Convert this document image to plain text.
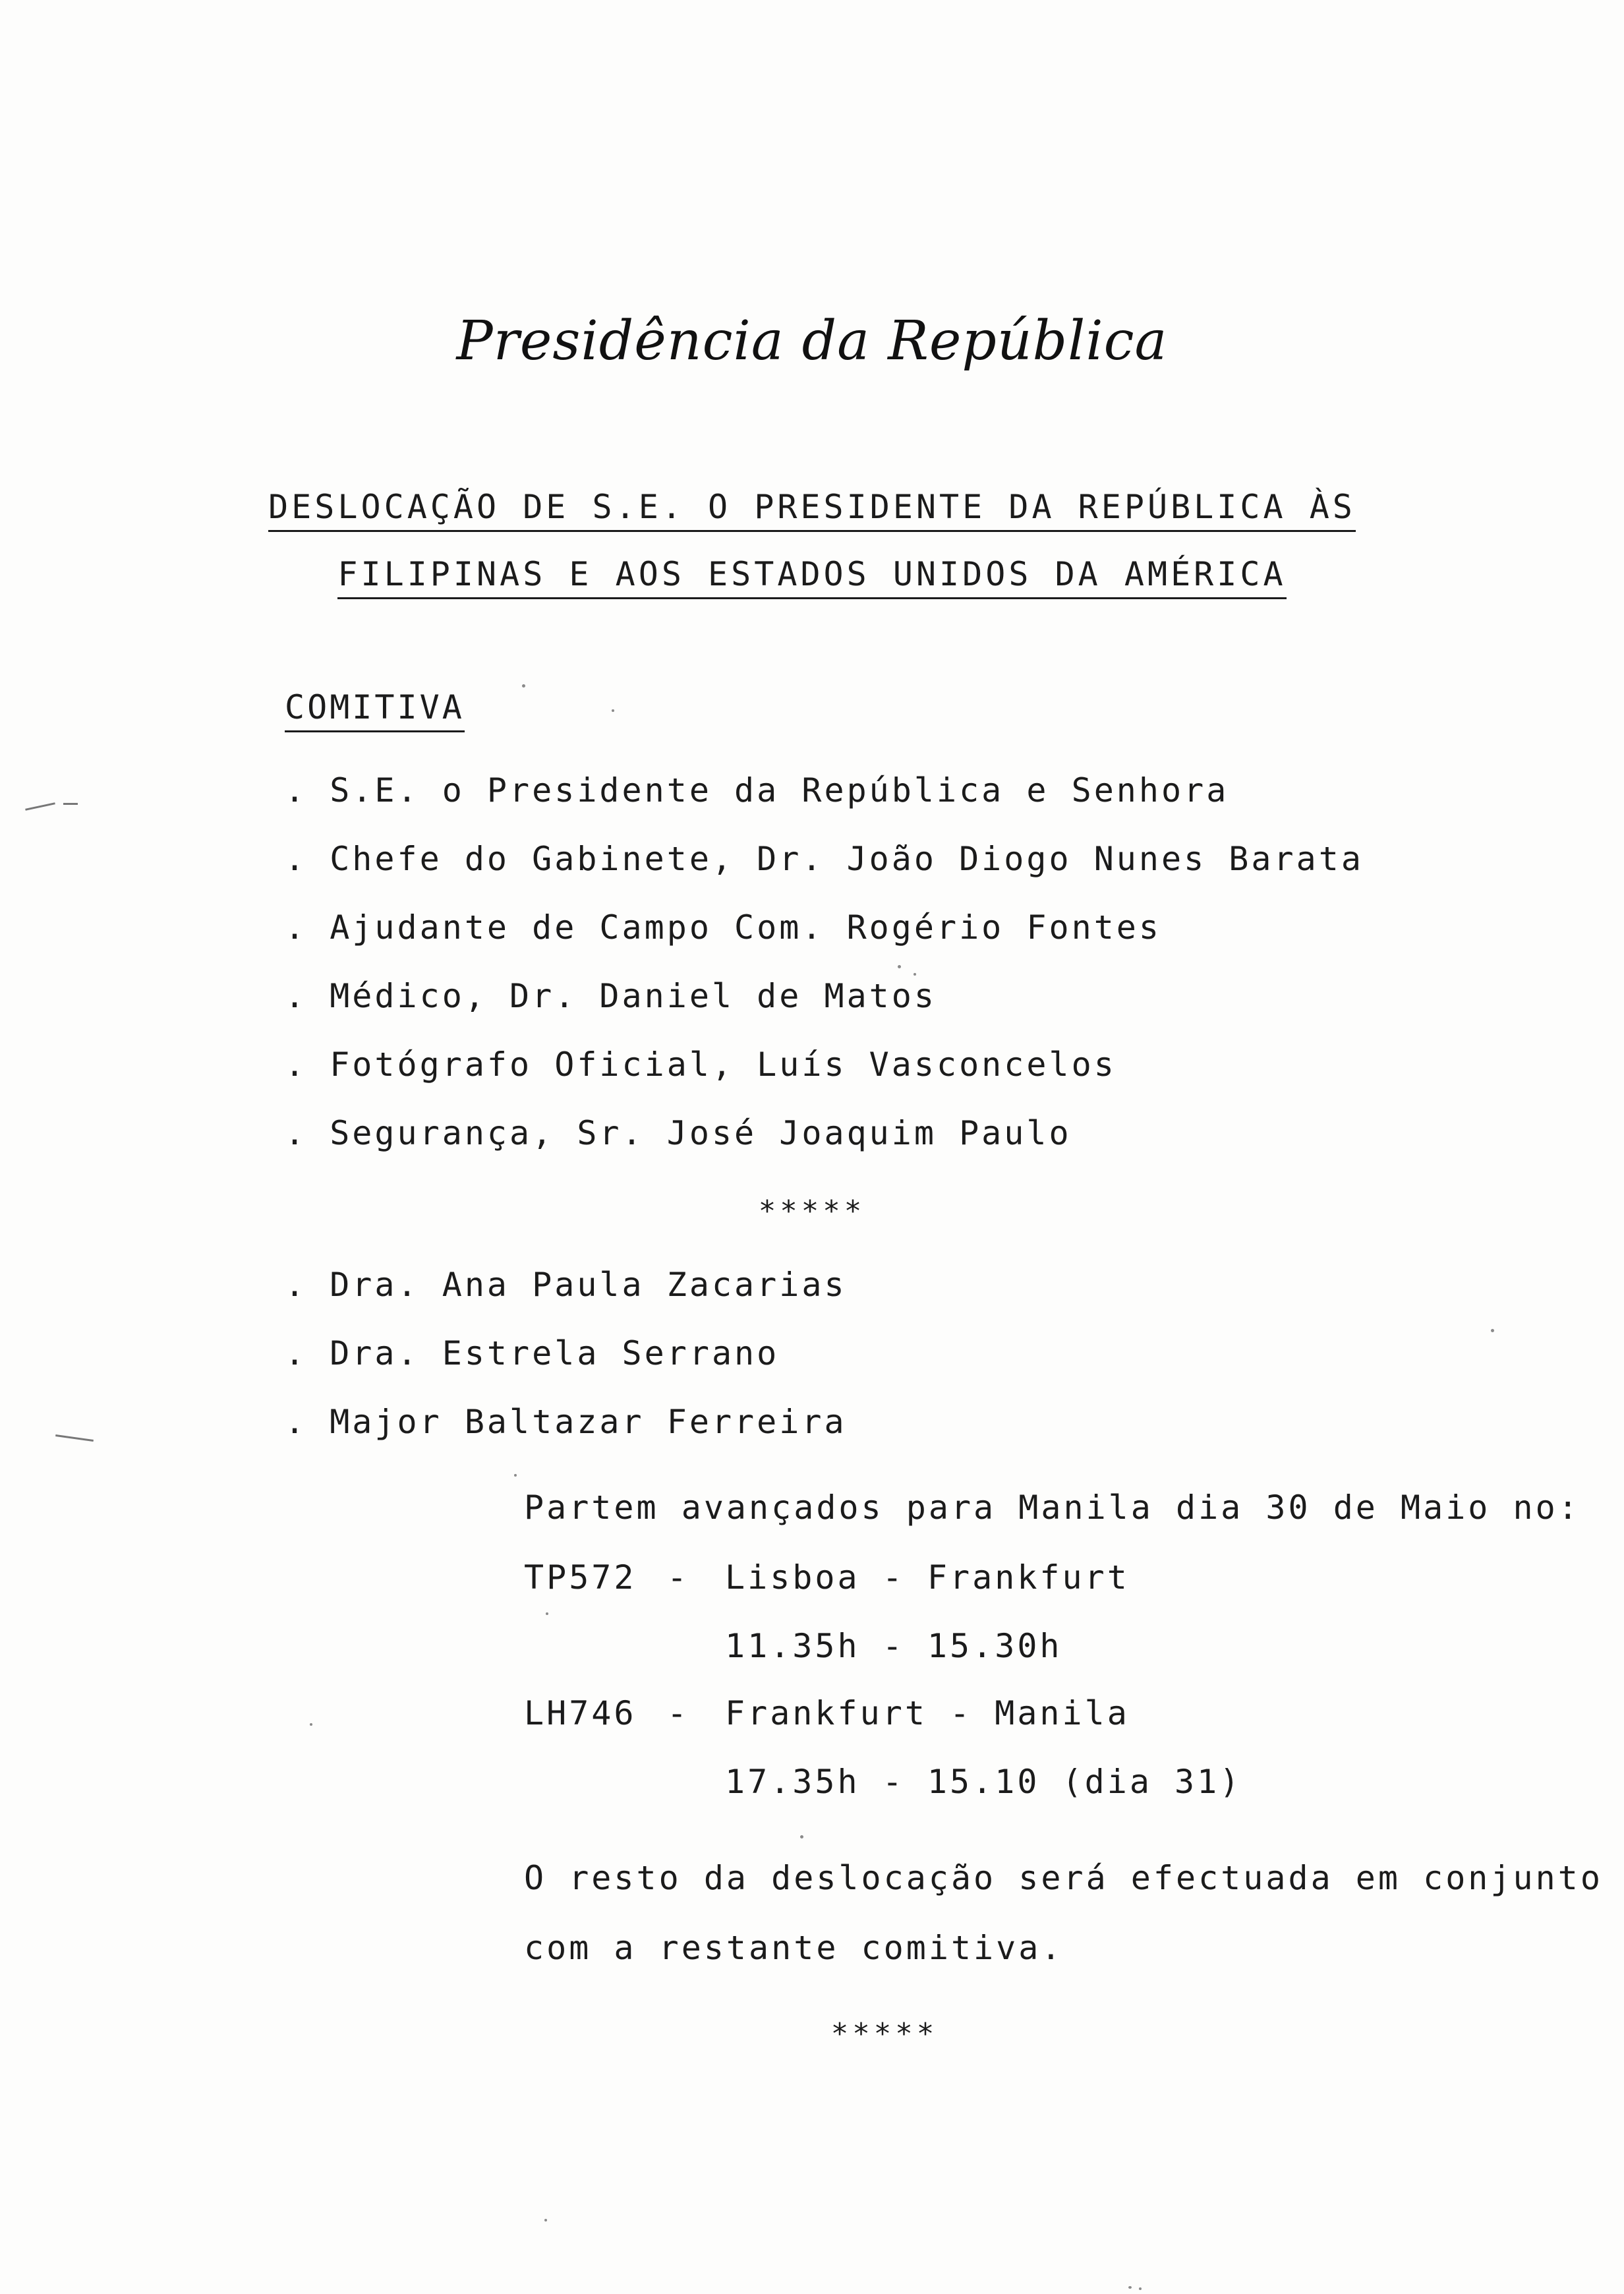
Presidência da República
DESLOCAÇÃO DE S.E. O PRESIDENTE DA REPÚBLICA ÀS
FILIPINAS E AOS ESTADOS UNIDOS DA AMÉRICA
COMITIVA
. S.E. o Presidente da República e Senhora
. Chefe do Gabinete, Dr. João Diogo Nunes Barata
. Ajudante de Campo Com. Rogério Fontes
. Médico, Dr. Daniel de Matos
. Fotógrafo Oficial, Luís Vasconcelos
. Segurança, Sr. José Joaquim Paulo
*****
. Dra. Ana Paula Zacarias
. Dra. Estrela Serrano
. Major Baltazar Ferreira
Partem avançados para Manila dia 30 de Maio no:
TP572 - Lisboa - Frankfurt
11.35h - 15.30h
LH746 - Frankfurt - Manila
17.35h - 15.10 (dia 31)
O resto da deslocação será efectuada em conjunto
com a restante comitiva.
*****
